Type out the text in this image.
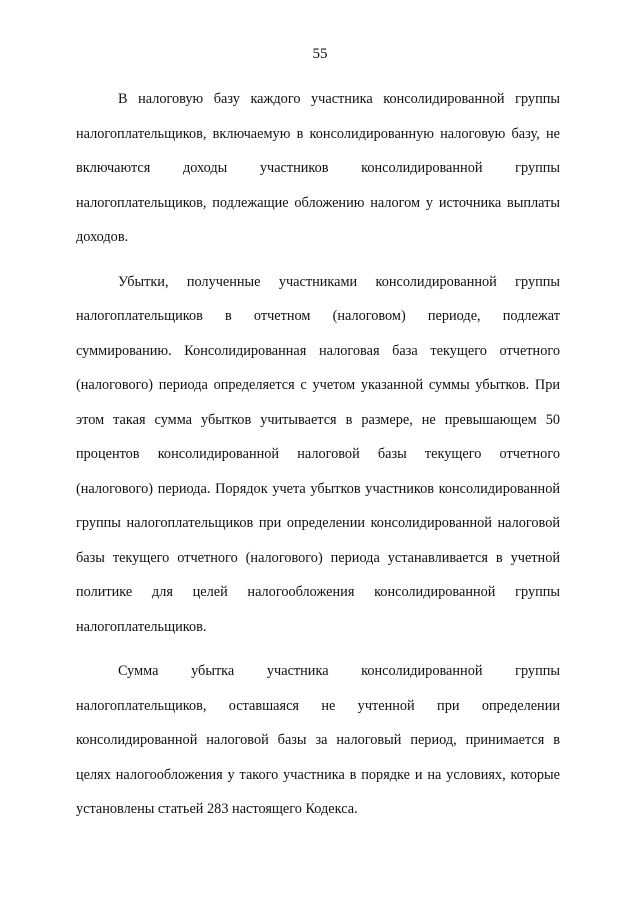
55

В налоговую базу каждого участника консолидированной группы налогоплательщиков, включаемую в консолидированную налоговую базу, не включаются доходы участников консолидированной группы налогоплательщиков, подлежащие обложению налогом у источника выплаты доходов.

Убытки, полученные участниками консолидированной группы налогоплательщиков в отчетном (налоговом) периоде, подлежат суммированию. Консолидированная налоговая база текущего отчетного (налогового) периода определяется с учетом указанной суммы убытков. При этом такая сумма убытков учитывается в размере, не превышающем 50 процентов консолидированной налоговой базы текущего отчетного (налогового) периода. Порядок учета убытков участников консолидированной группы налогоплательщиков при определении консолидированной налоговой базы текущего отчетного (налогового) периода устанавливается в учетной политике для целей налогообложения консолидированной группы налогоплательщиков.

Сумма убытка участника консолидированной группы налогоплательщиков, оставшаяся не учтенной при определении консолидированной налоговой базы за налоговый период, принимается в целях налогообложения у такого участника в порядке и на условиях, которые установлены статьей 283 настоящего Кодекса.
